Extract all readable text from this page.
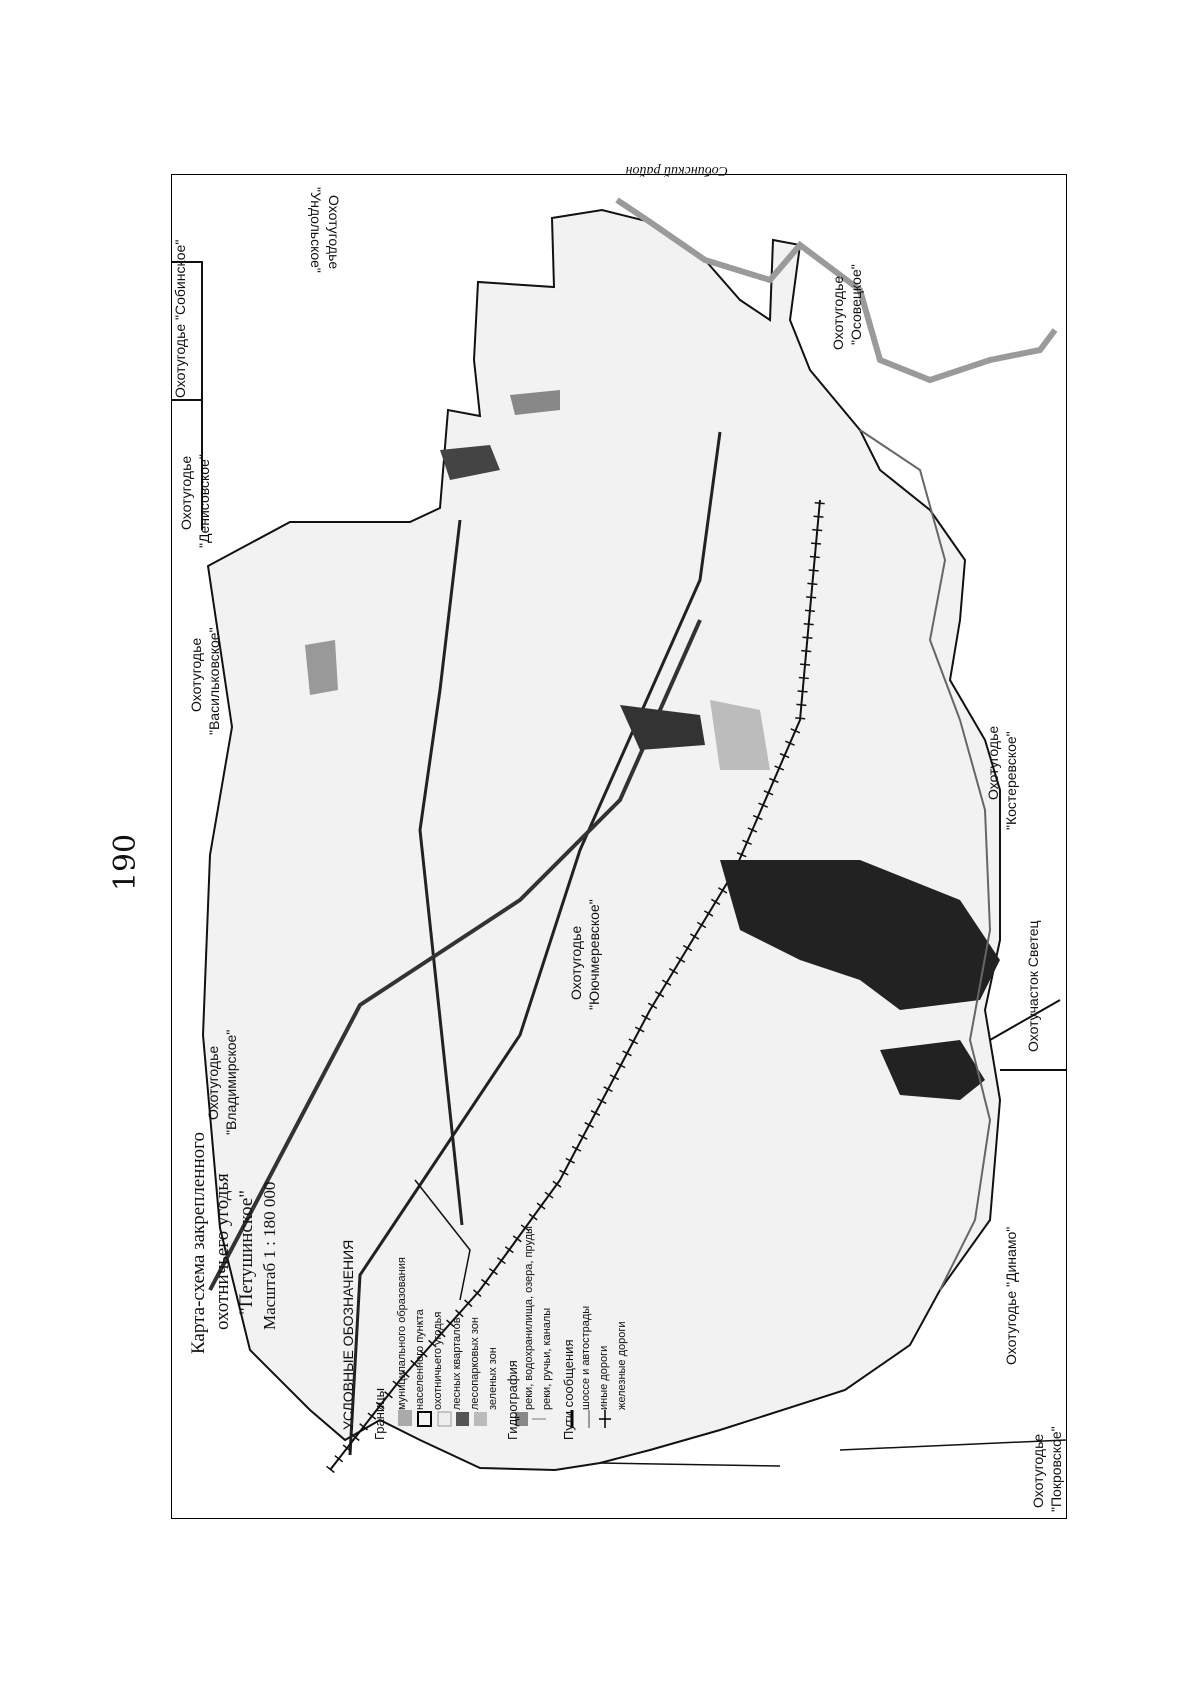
190
Карта-схема закрепленного охотничьего угодья "Петушинское" Масштаб 1 : 180 000	УСЛОВНЫЕ ОБОЗНАЧЕНИЯ Границы
муниципального образования населенного пункта охотничьего угодья лесных кварталов лесопарковых зон зеленых зон Гидрография реки, водохранилища, озера, пруды реки, ручьи, каналы Пути сообщения шоссе и автострады иные дороги железные дороги
Охотугодье "Собинское"
Охотугодье "Денисовское"
Охотугодье "Васильковское"
Охотугодье "Владимирское"
Охотугодье "Юючмеревское"
Охотугодье
"Ундольское"
Охотугодье "Осовецкое"
Охотугодье "Костеревское"
Охотучасток Светец
Охотугодье "Динамо"
Охотугодье "Покровское"
Собинский район
